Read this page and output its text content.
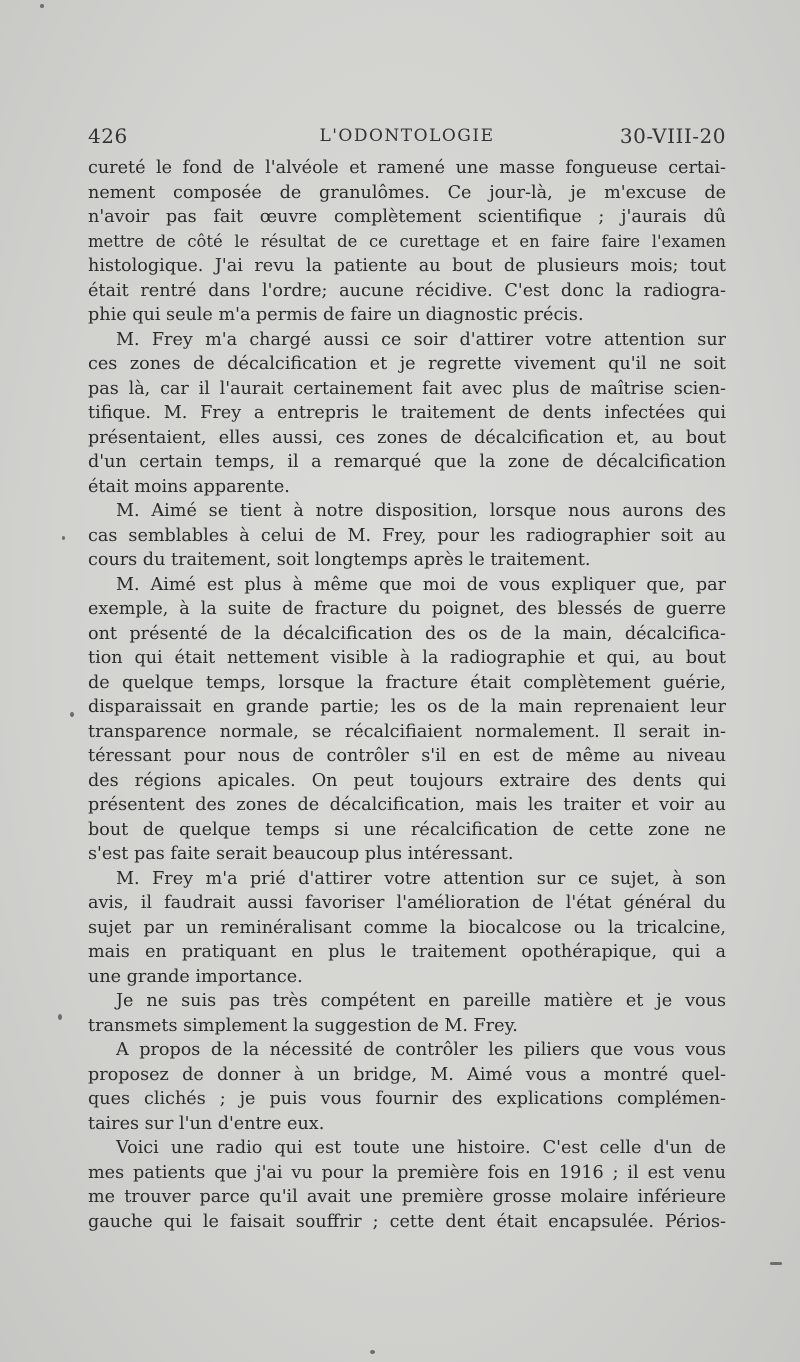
426	L'ODONTOLOGIE	30-VIII-20
cureté le fond de l'alvéole et ramené une masse fongueuse certai-
nement composée de granulômes. Ce jour-là, je m'excuse de
n'avoir pas fait œuvre complètement scientifique ; j'aurais dû
mettre de côté le résultat de ce curettage et en faire faire l'examen
histologique. J'ai revu la patiente au bout de plusieurs mois; tout
était rentré dans l'ordre; aucune récidive. C'est donc la radiogra-
phie qui seule m'a permis de faire un diagnostic précis.
M. Frey m'a chargé aussi ce soir d'attirer votre attention sur
ces zones de décalcification et je regrette vivement qu'il ne soit
pas là, car il l'aurait certainement fait avec plus de maîtrise scien-
tifique. M. Frey a entrepris le traitement de dents infectées qui
présentaient, elles aussi, ces zones de décalcification et, au bout
d'un certain temps, il a remarqué que la zone de décalcification
était moins apparente.
M. Aimé se tient à notre disposition, lorsque nous aurons des
cas semblables à celui de M. Frey, pour les radiographier soit au
cours du traitement, soit longtemps après le traitement.
M. Aimé est plus à même que moi de vous expliquer que, par
exemple, à la suite de fracture du poignet, des blessés de guerre
ont présenté de la décalcification des os de la main, décalcifica-
tion qui était nettement visible à la radiographie et qui, au bout
de quelque temps, lorsque la fracture était complètement guérie,
disparaissait en grande partie; les os de la main reprenaient leur
transparence normale, se récalcifiaient normalement. Il serait in-
téressant pour nous de contrôler s'il en est de même au niveau
des régions apicales. On peut toujours extraire des dents qui
présentent des zones de décalcification, mais les traiter et voir au
bout de quelque temps si une récalcification de cette zone ne
s'est pas faite serait beaucoup plus intéressant.
M. Frey m'a prié d'attirer votre attention sur ce sujet, à son
avis, il faudrait aussi favoriser l'amélioration de l'état général du
sujet par un reminéralisant comme la biocalcose ou la tricalcine,
mais en pratiquant en plus le traitement opothérapique, qui a
une grande importance.
Je ne suis pas très compétent en pareille matière et je vous
transmets simplement la suggestion de M. Frey.
A propos de la nécessité de contrôler les piliers que vous vous
proposez de donner à un bridge, M. Aimé vous a montré quel-
ques clichés ; je puis vous fournir des explications complémen-
taires sur l'un d'entre eux.
Voici une radio qui est toute une histoire. C'est celle d'un de
mes patients que j'ai vu pour la première fois en 1916 ; il est venu
me trouver parce qu'il avait une première grosse molaire inférieure
gauche qui le faisait souffrir ; cette dent était encapsulée. Périos-
